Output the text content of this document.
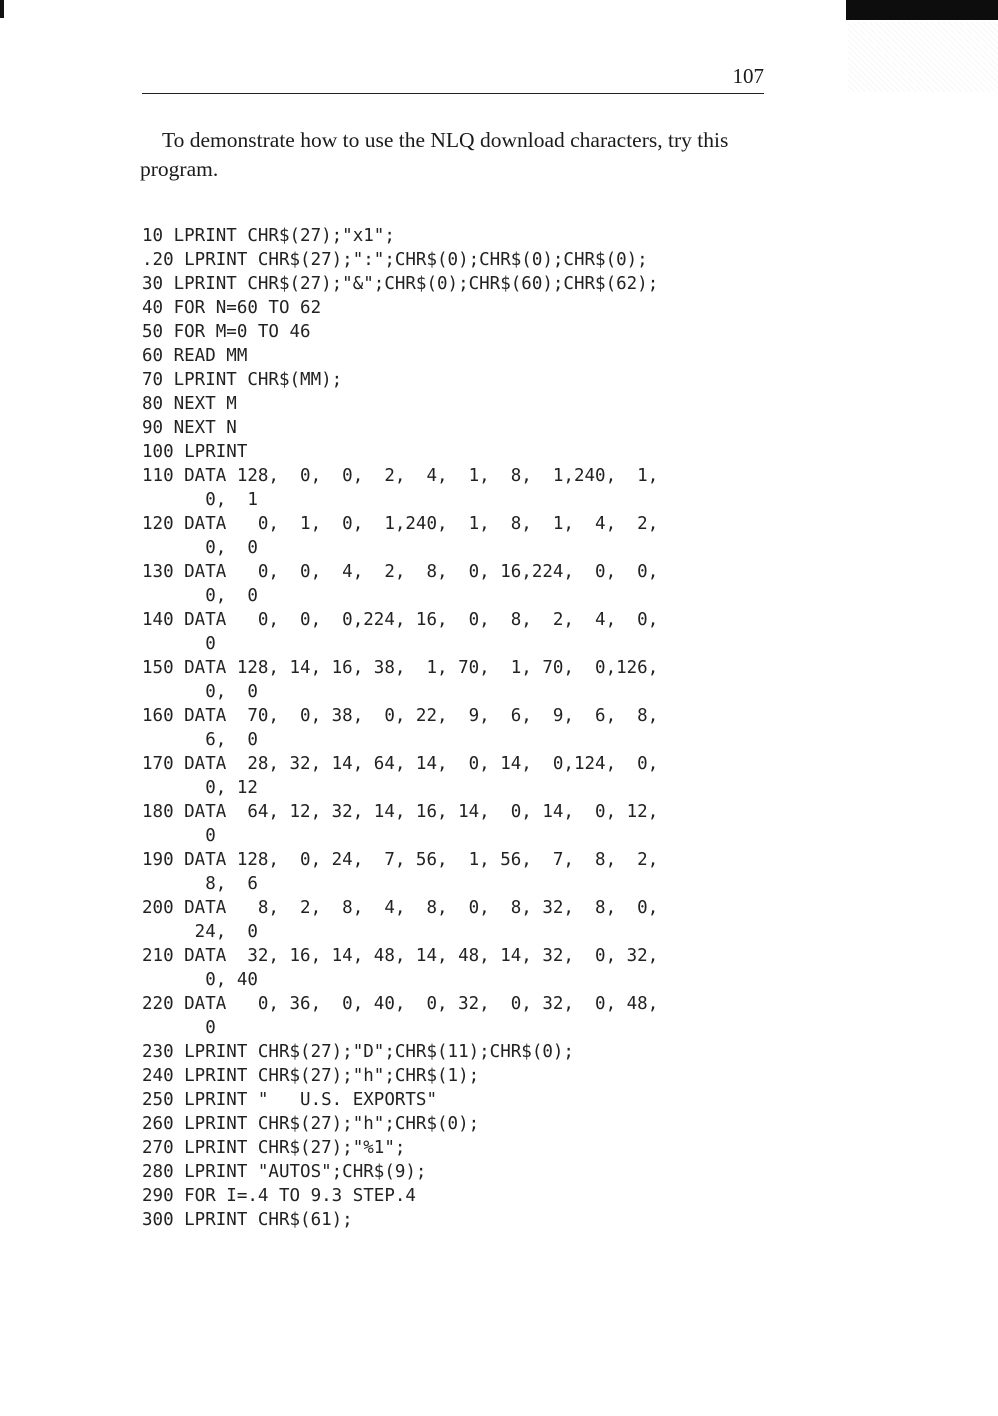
107

To demonstrate how to use the NLQ download characters, try this program.

10 LPRINT CHR$(27);"x1";
.20 LPRINT CHR$(27);":";CHR$(0);CHR$(0);CHR$(0);
30 LPRINT CHR$(27);"&";CHR$(0);CHR$(60);CHR$(62);
40 FOR N=60 TO 62
50 FOR M=0 TO 46
60 READ MM
70 LPRINT CHR$(MM);
80 NEXT M
90 NEXT N
100 LPRINT
110 DATA 128,  0,  0,  2,  4,  1,  8,  1,240,  1,
0,  1
120 DATA   0,  1,  0,  1,240,  1,  8,  1,  4,  2,
0,  0
130 DATA   0,  0,  4,  2,  8,  0, 16,224,  0,  0,
0,  0
140 DATA   0,  0,  0,224, 16,  0,  8,  2,  4,  0,
0
150 DATA 128, 14, 16, 38,  1, 70,  1, 70,  0,126,
0,  0
160 DATA  70,  0, 38,  0, 22,  9,  6,  9,  6,  8,
6,  0
170 DATA  28, 32, 14, 64, 14,  0, 14,  0,124,  0,
0, 12
180 DATA  64, 12, 32, 14, 16, 14,  0, 14,  0, 12,
0
190 DATA 128,  0, 24,  7, 56,  1, 56,  7,  8,  2,
8,  6
200 DATA   8,  2,  8,  4,  8,  0,  8, 32,  8,  0,
24,  0
210 DATA  32, 16, 14, 48, 14, 48, 14, 32,  0, 32,
0, 40
220 DATA   0, 36,  0, 40,  0, 32,  0, 32,  0, 48,
0
230 LPRINT CHR$(27);"D";CHR$(11);CHR$(0);
240 LPRINT CHR$(27);"h";CHR$(1);
250 LPRINT "   U.S. EXPORTS"
260 LPRINT CHR$(27);"h";CHR$(0);
270 LPRINT CHR$(27);"%1";
280 LPRINT "AUTOS";CHR$(9);
290 FOR I=.4 TO 9.3 STEP.4
300 LPRINT CHR$(61);
